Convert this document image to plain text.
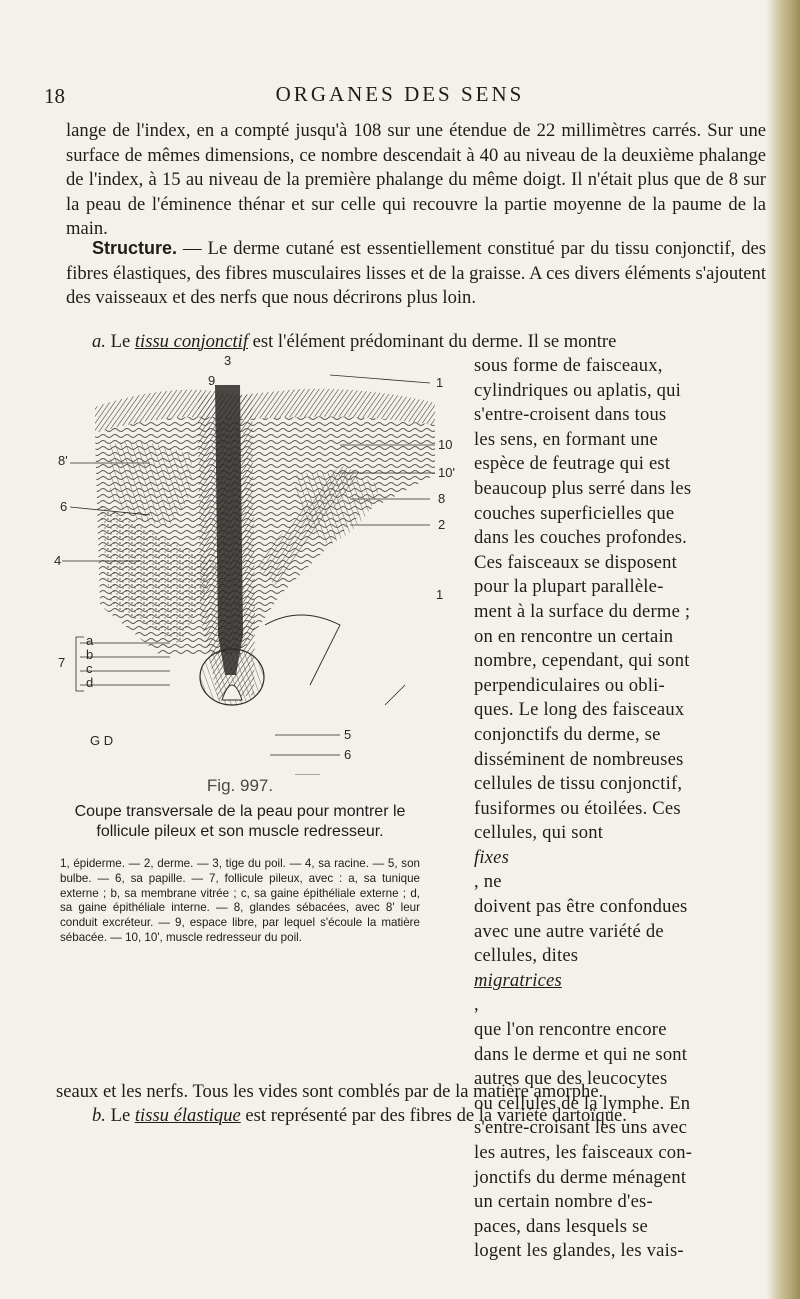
18	ORGANES DES SENS

lange de l'index, en a compté jusqu'à 108 sur une étendue de 22 millimètres carrés. Sur une surface de mêmes dimensions, ce nombre descendait à 40 au niveau de la deuxième phalange de l'index, à 15 au niveau de la première phalange du même doigt. Il n'était plus que de 8 sur la peau de l'éminence thénar et sur celle qui recouvre la partie moyenne de la paume de la main.

Structure. — Le derme cutané est essentiellement constitué par du tissu conjonctif, des fibres élastiques, des fibres musculaires lisses et de la graisse. A ces divers éléments s'ajoutent des vaisseaux et des nerfs que nous décrirons plus loin.

a. Le tissu conjonctif est l'élément prédominant du derme. Il se montre

3
9	1
8'
10
10'
6
8
2
4
1
a
b
c
d
7
5
6
G D
Fig. 997.
Coupe transversale de la peau pour montrer le follicule pileux et son muscle redresseur.
1, épiderme. — 2, derme. — 3, tige du poil. — 4, sa racine. — 5, son bulbe. — 6, sa papille. — 7, follicule pileux, avec : a, sa tunique externe ; b, sa membrane vitrée ; c, sa gaine épithéliale externe ; d, sa gaine épithéliale interne. — 8, glandes sébacées, avec 8' leur conduit excréteur. — 9, espace libre, par lequel s'écoule la matière sébacée. — 10, 10', muscle redresseur du poil.
sous forme de faisceaux,
cylindriques ou aplatis, qui
s'entre-croisent dans tous
les sens, en formant une
espèce de feutrage qui est
beaucoup plus serré dans les
couches superficielles que
dans les couches profondes.
Ces faisceaux se disposent
pour la plupart parallèle-
ment à la surface du derme ;
on en rencontre un certain
nombre, cependant, qui sont
perpendiculaires ou obli-
ques. Le long des faisceaux
conjonctifs du derme, se
disséminent de nombreuses
cellules de tissu conjonctif,
fusiformes ou étoilées. Ces
cellules, qui sont
fixes
, ne
doivent pas être confondues
avec une autre variété de
cellules, dites
migratrices
,
que l'on rencontre encore
dans le derme et qui ne sont
autres que des leucocytes
ou cellules de la lymphe. En
s'entre-croisant les uns avec
les autres, les faisceaux con-
jonctifs du derme ménagent
un certain nombre d'es-
paces, dans lesquels se
logent les glandes, les vais-

seaux et les nerfs. Tous les vides sont comblés par de la matière amorphe.

b. Le tissu élastique est représenté par des fibres de la variété dartoïque.
